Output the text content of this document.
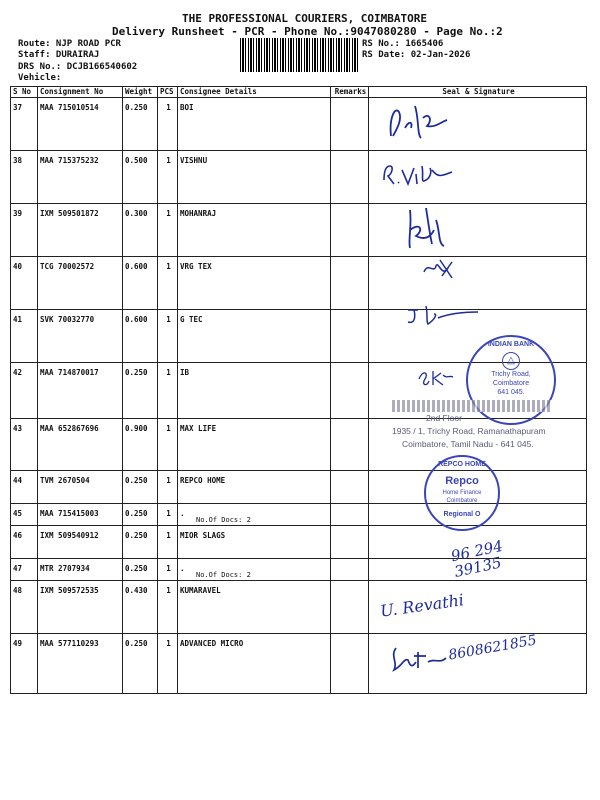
THE PROFESSIONAL COURIERS, COIMBATORE
Delivery Runsheet - PCR - Phone No.:9047080280 - Page No.:2
Route: NJP ROAD PCR
Staff: DURAIRAJ
DRS No.: DCJB166540602
Vehicle:
RS No.: 1665406
RS Date: 02-Jan-2026
S No	Consignment No	Weight	PCS	Consignee Details	Remarks	Seal & Signature
37	MAA 715010514	0.250	1	BOI		
38	MAA 715375232	0.500	1	VISHNU		
39	IXM 509501872	0.300	1	MOHANRAJ		
40	TCG 70002572	0.600	1	VRG TEX		
41	SVK 70032770	0.600	1	G TEC		
42	MAA 714870017	0.250	1	IB		
43	MAA 652867696	0.900	1	MAX LIFE		
44	TVM 2670504	0.250	1	REPCO HOME		
45	MAA 715415003	0.250	1	.
No.Of Docs: 2		

46	IXM 509540912	0.250	1	MIOR SLAGS		
47	MTR 2707934	0.250	1	.
No.Of Docs: 2		

48	IXM 509572535	0.430	1	KUMARAVEL		
49	MAA 577110293	0.250	1	ADVANCED MICRO		
INDIAN BANK
△
Trichy Road,
Coimbatore
641 045.
2nd Floor
1935 / 1, Trichy Road, Ramanathapuram
Coimbatore, Tamil Nadu - 641 045.
REPCO HOME
Repco
Home Finance
Coimbatore
Regional O
96 294 39135
U. Revathi
8608621855
